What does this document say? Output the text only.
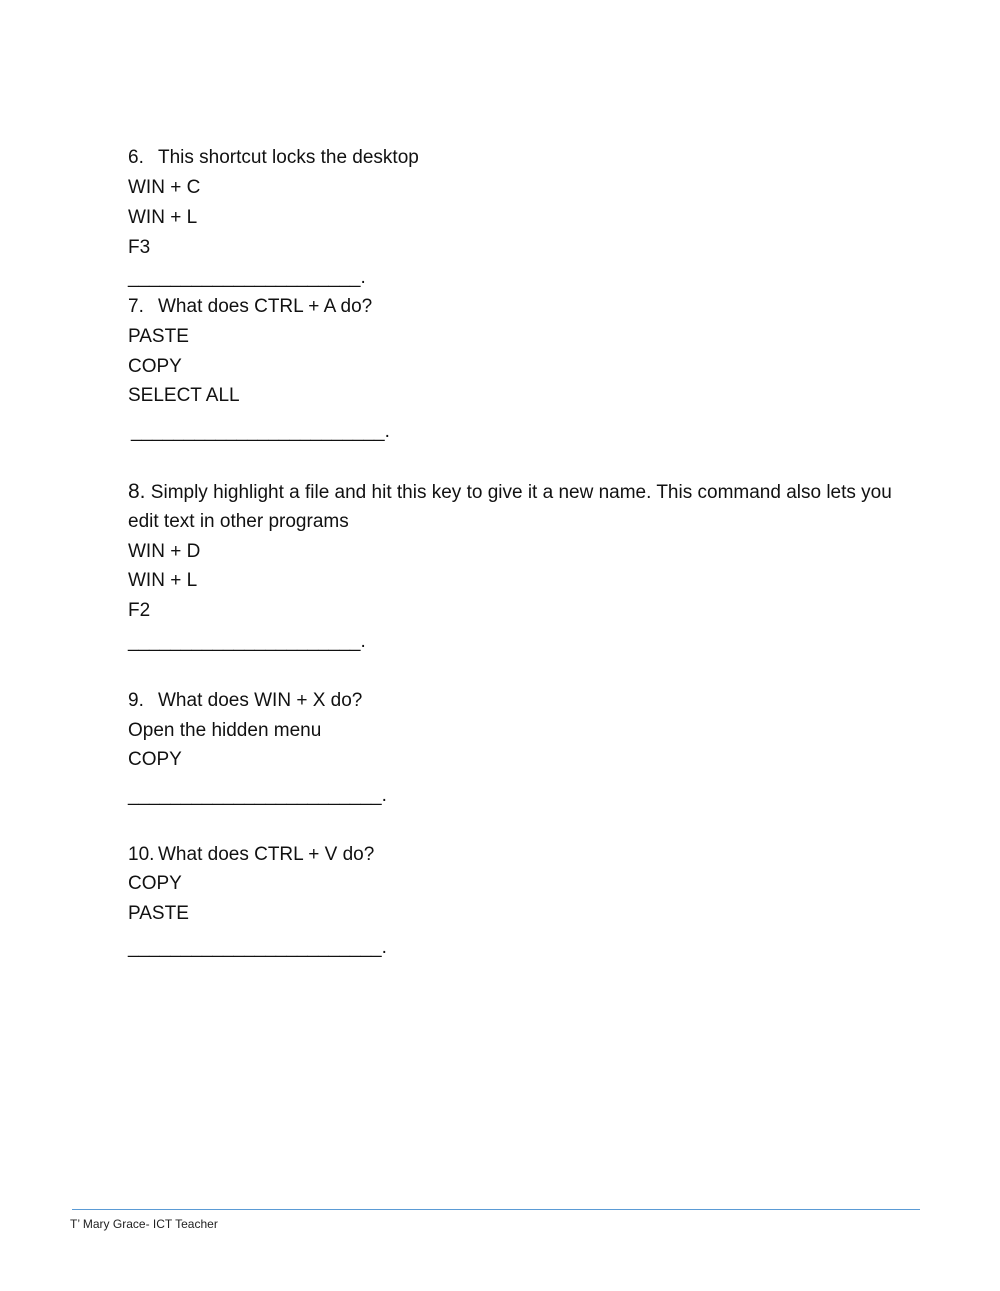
6. This shortcut locks the desktop

WIN + C

WIN + L

F3

______________________.

7. What does CTRL + A do?

PASTE

COPY

SELECT ALL

________________________.

8. Simply highlight a file and hit this key to give it a new name. This command also lets you

edit text in other programs

WIN + D

WIN + L

F2

______________________.

9. What does WIN + X do?

Open the hidden menu

COPY

________________________.

10. What does CTRL + V do?

COPY

PASTE

________________________.

T’ Mary Grace- ICT Teacher
